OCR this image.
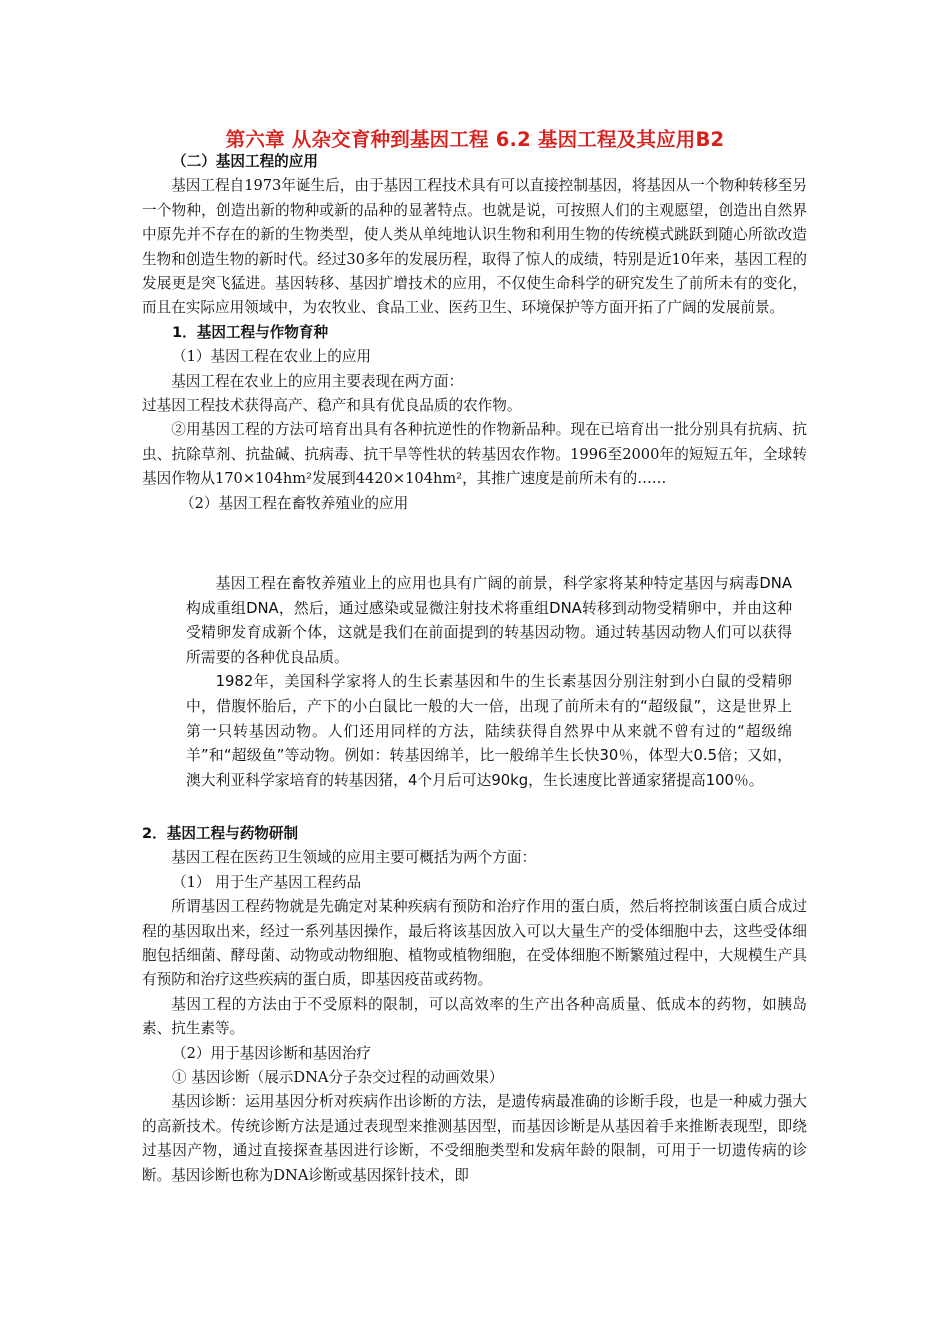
第六章 从杂交育种到基因工程 6.2 基因工程及其应用B2

（二）基因工程的应用

基因工程自1973年诞生后，由于基因工程技术具有可以直接控制基因，将基因从一个物种转移至另一个物种，创造出新的物种或新的品种的显著特点。也就是说，可按照人们的主观愿望，创造出自然界中原先并不存在的新的生物类型，使人类从单纯地认识生物和利用生物的传统模式跳跃到随心所欲改造生物和创造生物的新时代。经过30多年的发展历程，取得了惊人的成绩，特别是近10年来，基因工程的发展更是突飞猛进。基因转移、基因扩增技术的应用，不仅使生命科学的研究发生了前所未有的变化，而且在实际应用领域中，为农牧业、食品工业、医药卫生、环境保护等方面开拓了广阔的发展前景。

1．基因工程与作物育种

（1）基因工程在农业上的应用

基因工程在农业上的应用主要表现在两方面：

过基因工程技术获得高产、稳产和具有优良品质的农作物。

②用基因工程的方法可培育出具有各种抗逆性的作物新品种。现在已培育出一批分别具有抗病、抗虫、抗除草剂、抗盐碱、抗病毒、抗干旱等性状的转基因农作物。1996至2000年的短短五年，全球转基因作物从170×104hm²发展到4420×104hm²，其推广速度是前所未有的……

（2）基因工程在畜牧养殖业的应用

基因工程在畜牧养殖业上的应用也具有广阔的前景，科学家将某种特定基因与病毒DNA构成重组DNA，然后，通过感染或显微注射技术将重组DNA转移到动物受精卵中，并由这种受精卵发育成新个体，这就是我们在前面提到的转基因动物。通过转基因动物人们可以获得所需要的各种优良品质。

1982年，美国科学家将人的生长素基因和牛的生长素基因分别注射到小白鼠的受精卵中，借腹怀胎后，产下的小白鼠比一般的大一倍，出现了前所未有的“超级鼠”，这是世界上第一只转基因动物。人们还用同样的方法，陆续获得自然界中从来就不曾有过的“超级绵羊”和“超级鱼”等动物。例如：转基因绵羊，比一般绵羊生长快30％，体型大0.5倍；又如，澳大利亚科学家培育的转基因猪，4个月后可达90kg，生长速度比普通家猪提高100％。

2．基因工程与药物研制

基因工程在医药卫生领域的应用主要可概括为两个方面：

（1） 用于生产基因工程药品

所谓基因工程药物就是先确定对某种疾病有预防和治疗作用的蛋白质，然后将控制该蛋白质合成过程的基因取出来，经过一系列基因操作，最后将该基因放入可以大量生产的受体细胞中去，这些受体细胞包括细菌、酵母菌、动物或动物细胞、植物或植物细胞，在受体细胞不断繁殖过程中，大规模生产具有预防和治疗这些疾病的蛋白质，即基因疫苗或药物。

基因工程的方法由于不受原料的限制，可以高效率的生产出各种高质量、低成本的药物，如胰岛素、抗生素等。

（2）用于基因诊断和基因治疗

① 基因诊断（展示DNA分子杂交过程的动画效果）

基因诊断：运用基因分析对疾病作出诊断的方法，是遗传病最准确的诊断手段，也是一种威力强大的高新技术。传统诊断方法是通过表现型来推测基因型，而基因诊断是从基因着手来推断表现型，即绕过基因产物，通过直接探查基因进行诊断，不受细胞类型和发病年龄的限制，可用于一切遗传病的诊断。基因诊断也称为DNA诊断或基因探针技术，即
